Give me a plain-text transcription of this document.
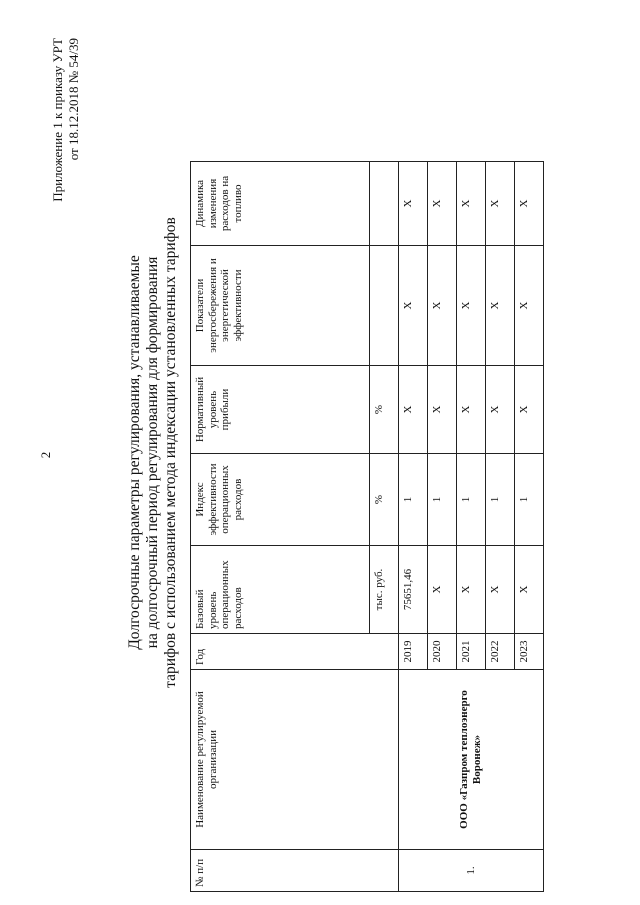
2
Приложение 1 к приказу УРТ от 18.12.2018 № 54/39
Долгосрочные параметры регулирования, устанавливаемые на долгосрочный период регулирования для формирования тарифов с использованием метода индексации установленных тарифов
№ п/п	Наименование регулируемой организации	Год	Базовый уровень операционных расходов	Индекс эффективности операционных расходов	Нормативный уровень прибыли	Показатели энергосбережения и энергетической эффективности	Динамика изменения расходов на топливо
			тыс. руб.	%	%		
1.	ООО «Газпром теплоэнерго Воронеж»	2019	75651,46	1	Х	Х	Х
		2020	Х	1	Х	Х	Х
		2021	Х	1	Х	Х	Х
		2022	Х	1	Х	Х	Х
		2023	Х	1	Х	Х	Х
